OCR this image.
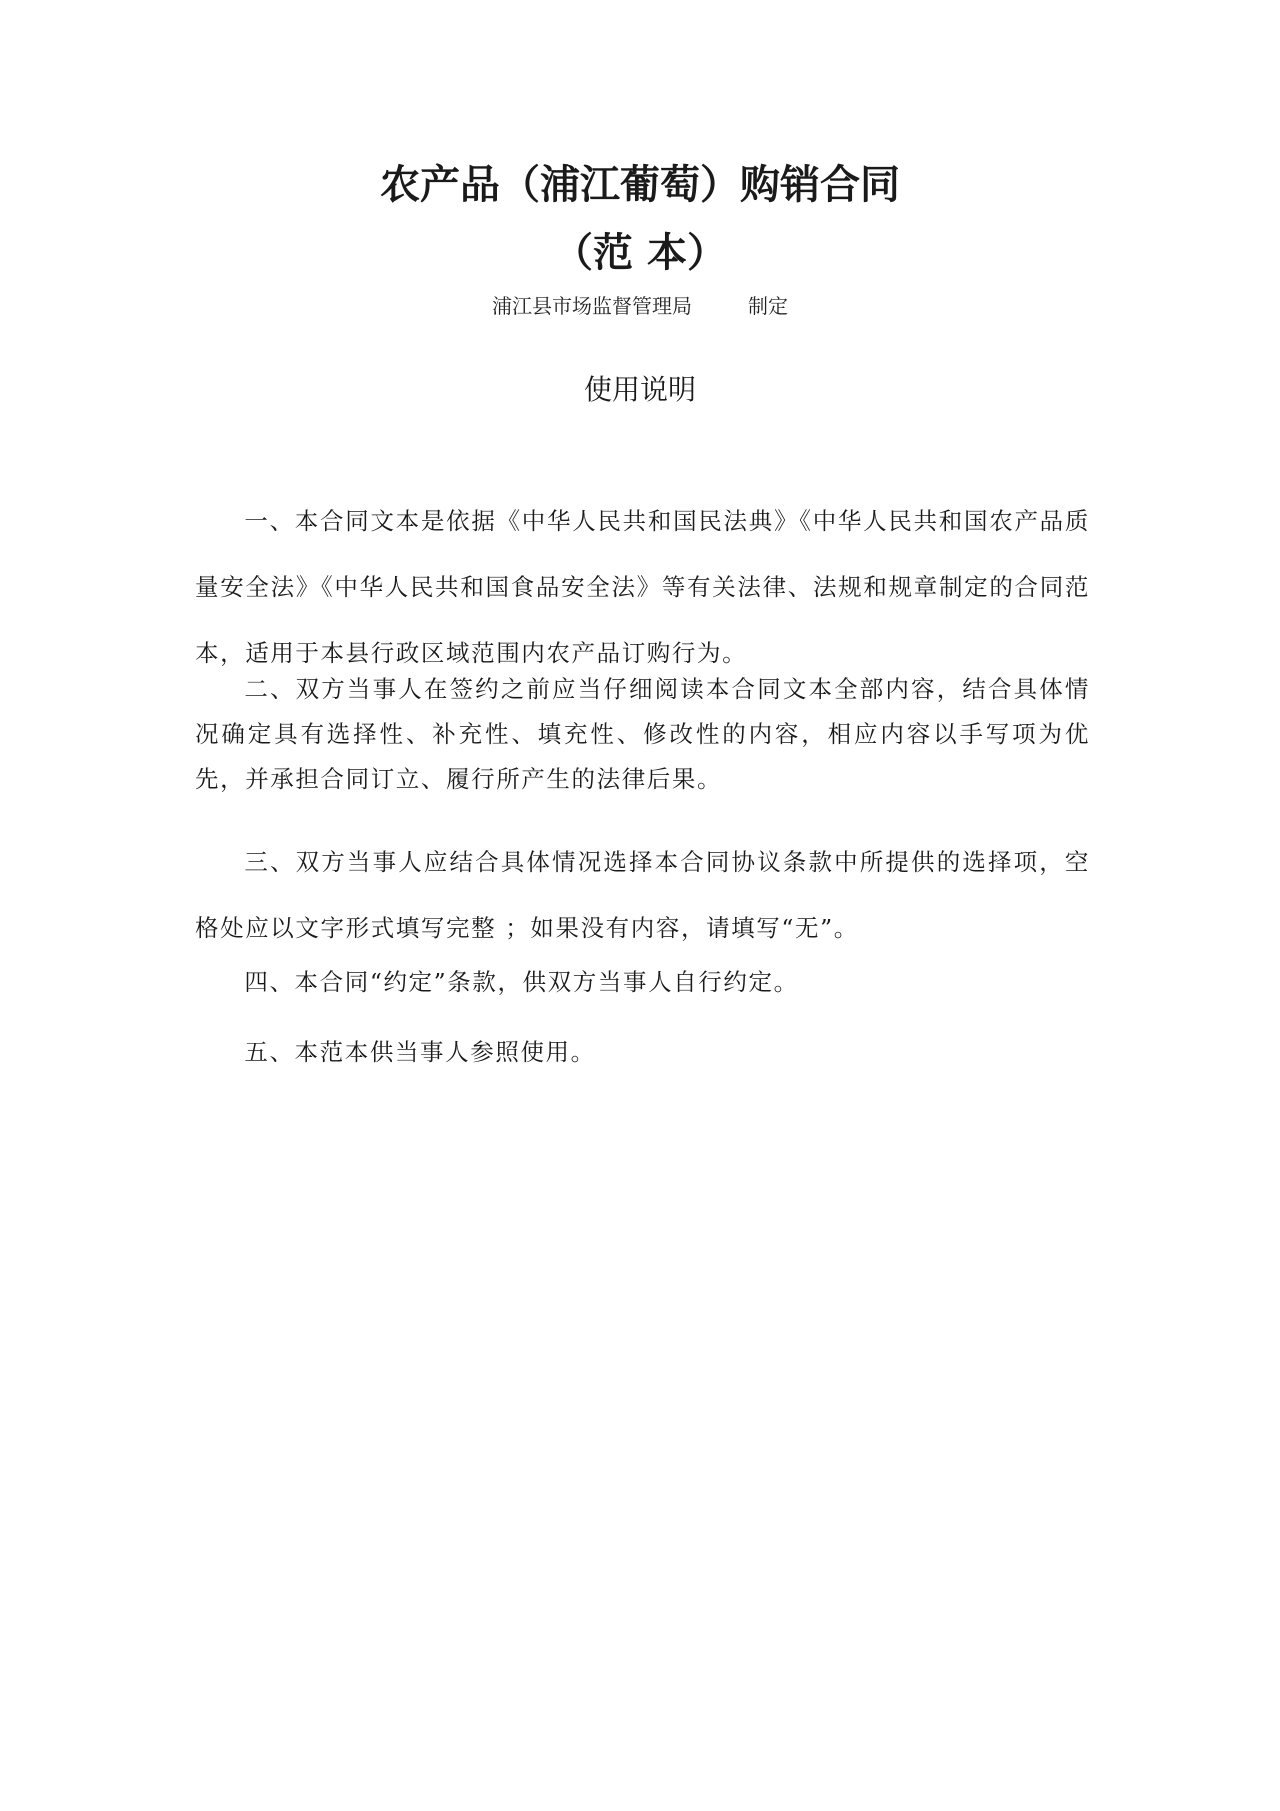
农产品（浦江葡萄）购销合同
（范 本）
浦江县市场监督管理局	制定
使用说明
一、本合同文本是依据《中华人民共和国民法典》《中华人民共和国农产品质量安全法》《中华人民共和国食品安全法》等有关法律、法规和规章制定的合同范本，适用于本县行政区域范围内农产品订购行为。
二、双方当事人在签约之前应当仔细阅读本合同文本全部内容，结合具体情况确定具有选择性、补充性、填充性、修改性的内容，相应内容以手写项为优先，并承担合同订立、履行所产生的法律后果。
三、双方当事人应结合具体情况选择本合同协议条款中所提供的选择项，空格处应以文字形式填写完整 ；如果没有内容，请填写“无”。
四、本合同“约定”条款，供双方当事人自行约定。
五、本范本供当事人参照使用。
